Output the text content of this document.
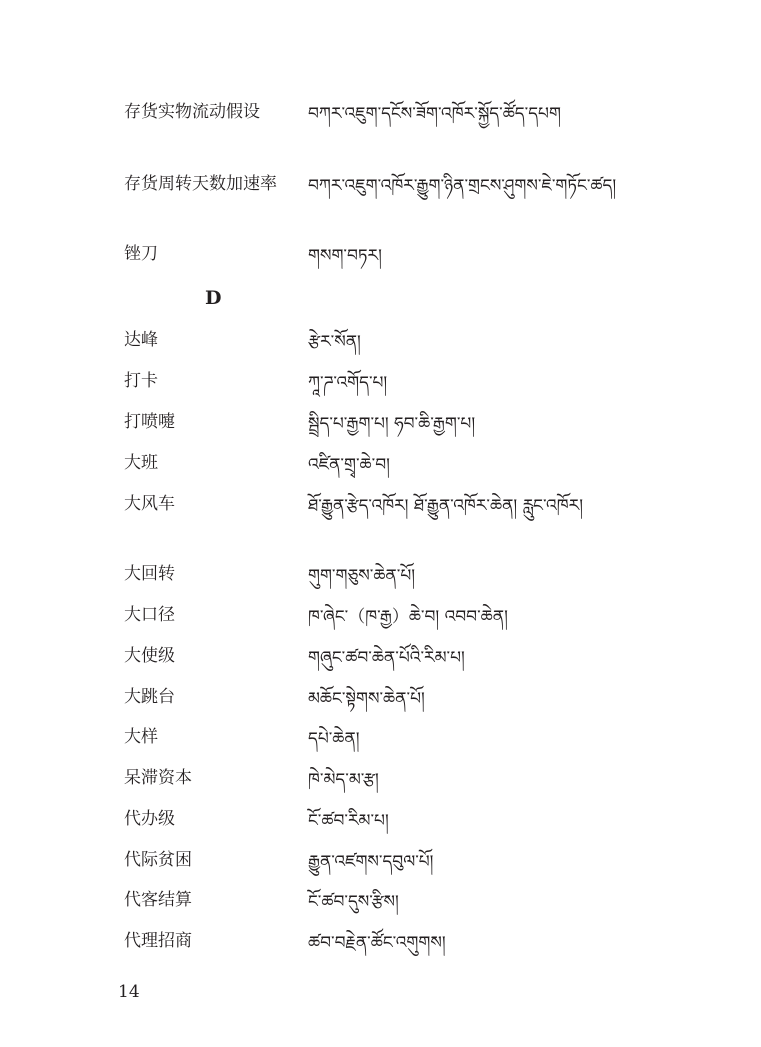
存货实物流动假设	བཀར་འཇུག་དངོས་ཟོག་འཁོར་སྐྱོད་ཚོད་དཔག
存货周转天数加速率 བཀར་འཇུག་འཁོར་རྒྱུག་ཉིན་གྲངས་ཤུགས་ཇེ་གཏོང་ཚད།
锉刀	གསག་བཏར།
D
达峰	རྩེར་སོན།
打卡	ཀཱ་ཌ་འགོད་པ།
打喷嚏	སྦྲིད་པ་རྒྱག་པ། ཧབ་ཆི་རྒྱག་པ།
大班	འཛིན་གྲྭ་ཆེ་བ།
大风车	ཐོ་རྒྱུན་རྩེད་འཁོར། ཐོ་རྒྱུན་འཁོར་ཆེན། རླུང་འཁོར།
大回转	གུག་གཅུས་ཆེན་པོ།
大口径	ཁ་ཞེང་（ཁ་རྒྱ）ཆེ་བ། འབབ་ཆེན།
大使级	གཞུང་ཚབ་ཆེན་པོའི་རིམ་པ།
大跳台	མཆོང་སྟེགས་ཆེན་པོ།
大样	དཔེ་ཆེན།
呆滞资本	ཁེ་མེད་མ་རྩ།
代办级	ངོ་ཚབ་རིམ་པ།
代际贫困	རྒྱུན་འཛགས་དབུལ་པོ།
代客结算	ངོ་ཚབ་དུས་རྩིས།
代理招商	ཚབ་བརྗེན་ཚོང་འགུགས།
14
